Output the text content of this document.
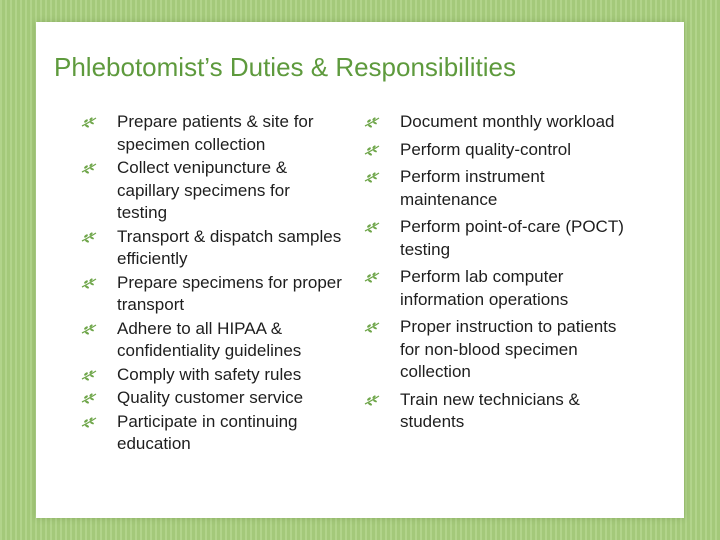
Phlebotomist’s Duties & Responsibilities
Prepare patients & site for specimen collection
Collect venipuncture & capillary specimens for testing
Transport & dispatch samples efficiently
Prepare specimens for proper transport
Adhere to all HIPAA & confidentiality guidelines
Comply with safety rules
Quality customer service
Participate in continuing education
Document monthly workload
Perform quality-control
Perform instrument maintenance
Perform point-of-care (POCT) testing
Perform lab computer information operations
Proper instruction to patients for non-blood specimen collection
Train new technicians & students
